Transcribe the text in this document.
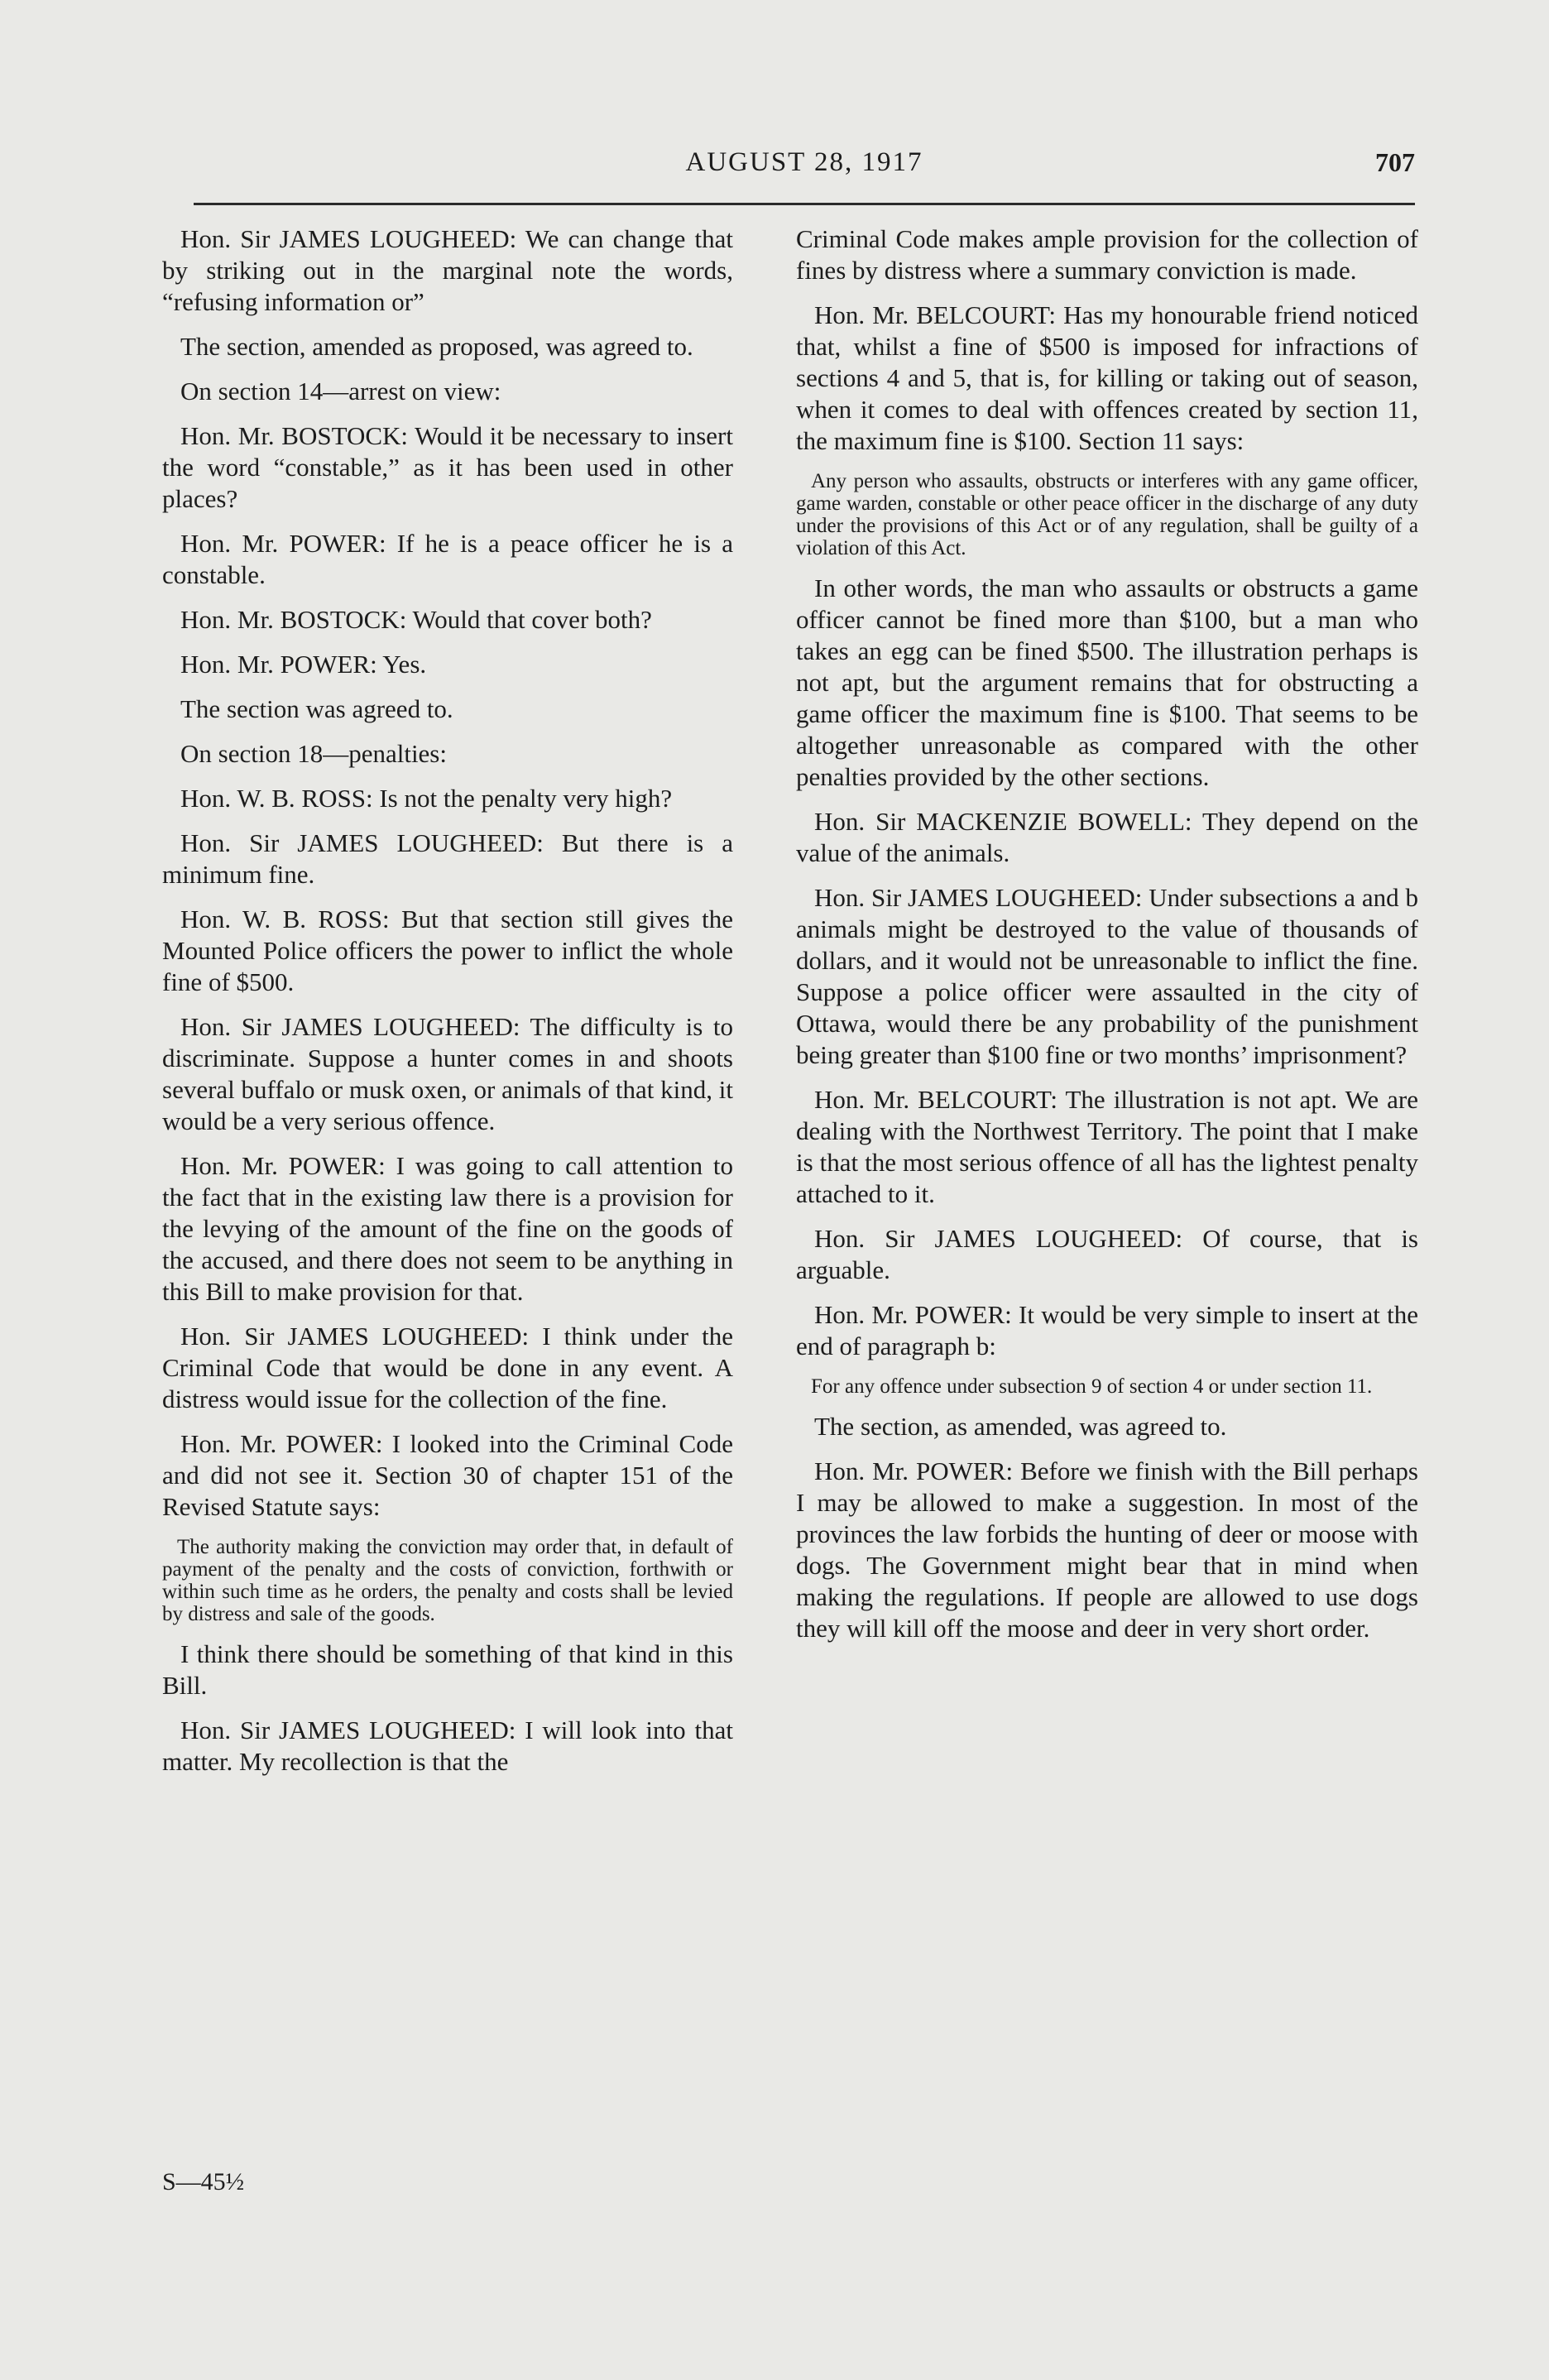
AUGUST 28, 1917	707

Hon. Sir JAMES LOUGHEED: We can change that by striking out in the marginal note the words, “refusing information or”

The section, amended as proposed, was agreed to.

On section 14—arrest on view:

Hon. Mr. BOSTOCK: Would it be necessary to insert the word “constable,” as it has been used in other places?

Hon. Mr. POWER: If he is a peace officer he is a constable.

Hon. Mr. BOSTOCK: Would that cover both?

Hon. Mr. POWER: Yes.

The section was agreed to.

On section 18—penalties:

Hon. W. B. ROSS: Is not the penalty very high?

Hon. Sir JAMES LOUGHEED: But there is a minimum fine.

Hon. W. B. ROSS: But that section still gives the Mounted Police officers the power to inflict the whole fine of $500.

Hon. Sir JAMES LOUGHEED: The difficulty is to discriminate. Suppose a hunter comes in and shoots several buffalo or musk oxen, or animals of that kind, it would be a very serious offence.

Hon. Mr. POWER: I was going to call attention to the fact that in the existing law there is a provision for the levying of the amount of the fine on the goods of the accused, and there does not seem to be anything in this Bill to make provision for that.

Hon. Sir JAMES LOUGHEED: I think under the Criminal Code that would be done in any event. A distress would issue for the collection of the fine.

Hon. Mr. POWER: I looked into the Criminal Code and did not see it. Section 30 of chapter 151 of the Revised Statute says:

The authority making the conviction may order that, in default of payment of the penalty and the costs of conviction, forthwith or within such time as he orders, the penalty and costs shall be levied by distress and sale of the goods.

I think there should be something of that kind in this Bill.

Hon. Sir JAMES LOUGHEED: I will look into that matter. My recollection is that the

Criminal Code makes ample provision for the collection of fines by distress where a summary conviction is made.

Hon. Mr. BELCOURT: Has my honourable friend noticed that, whilst a fine of $500 is imposed for infractions of sections 4 and 5, that is, for killing or taking out of season, when it comes to deal with offences created by section 11, the maximum fine is $100. Section 11 says:

Any person who assaults, obstructs or interferes with any game officer, game warden, constable or other peace officer in the discharge of any duty under the provisions of this Act or of any regulation, shall be guilty of a violation of this Act.

In other words, the man who assaults or obstructs a game officer cannot be fined more than $100, but a man who takes an egg can be fined $500. The illustration perhaps is not apt, but the argument remains that for obstructing a game officer the maximum fine is $100. That seems to be altogether unreasonable as compared with the other penalties provided by the other sections.

Hon. Sir MACKENZIE BOWELL: They depend on the value of the animals.

Hon. Sir JAMES LOUGHEED: Under subsections a and b animals might be destroyed to the value of thousands of dollars, and it would not be unreasonable to inflict the fine. Suppose a police officer were assaulted in the city of Ottawa, would there be any probability of the punishment being greater than $100 fine or two months’ imprisonment?

Hon. Mr. BELCOURT: The illustration is not apt. We are dealing with the Northwest Territory. The point that I make is that the most serious offence of all has the lightest penalty attached to it.

Hon. Sir JAMES LOUGHEED: Of course, that is arguable.

Hon. Mr. POWER: It would be very simple to insert at the end of paragraph b:

For any offence under subsection 9 of section 4 or under section 11.

The section, as amended, was agreed to.

Hon. Mr. POWER: Before we finish with the Bill perhaps I may be allowed to make a suggestion. In most of the provinces the law forbids the hunting of deer or moose with dogs. The Government might bear that in mind when making the regulations. If people are allowed to use dogs they will kill off the moose and deer in very short order.

S—45½
